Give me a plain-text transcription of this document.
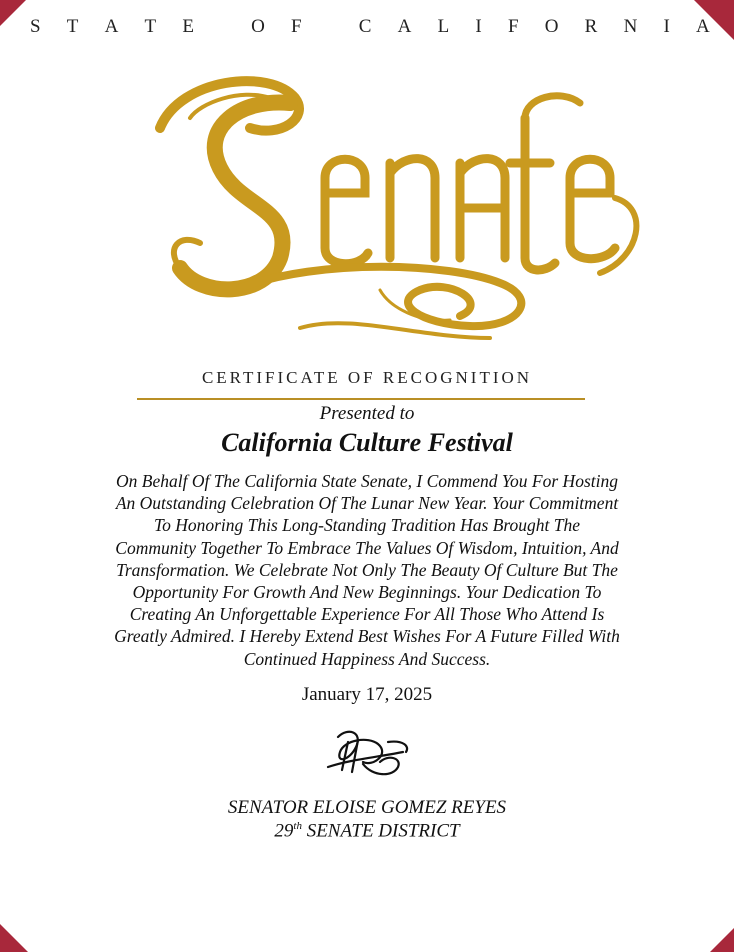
S T A T E
	O F
	C A L I F O R N I A
CERTIFICATE OF RECOGNITION
Presented to
California Culture Festival
On Behalf Of The California State Senate, I Commend You For Hosting
An Outstanding Celebration Of The Lunar New Year. Your Commitment
To Honoring This Long-Standing Tradition Has Brought The
Community Together To Embrace The Values Of Wisdom, Intuition, And
Transformation. We Celebrate Not Only The Beauty Of Culture But The
Opportunity For Growth And New Beginnings. Your Dedication To
Creating An Unforgettable Experience For All Those Who Attend Is
Greatly Admired. I Hereby Extend Best Wishes For A Future Filled With
Continued Happiness And Success.
January 17, 2025
SENATOR ELOISE GOMEZ REYES
29th SENATE DISTRICT
